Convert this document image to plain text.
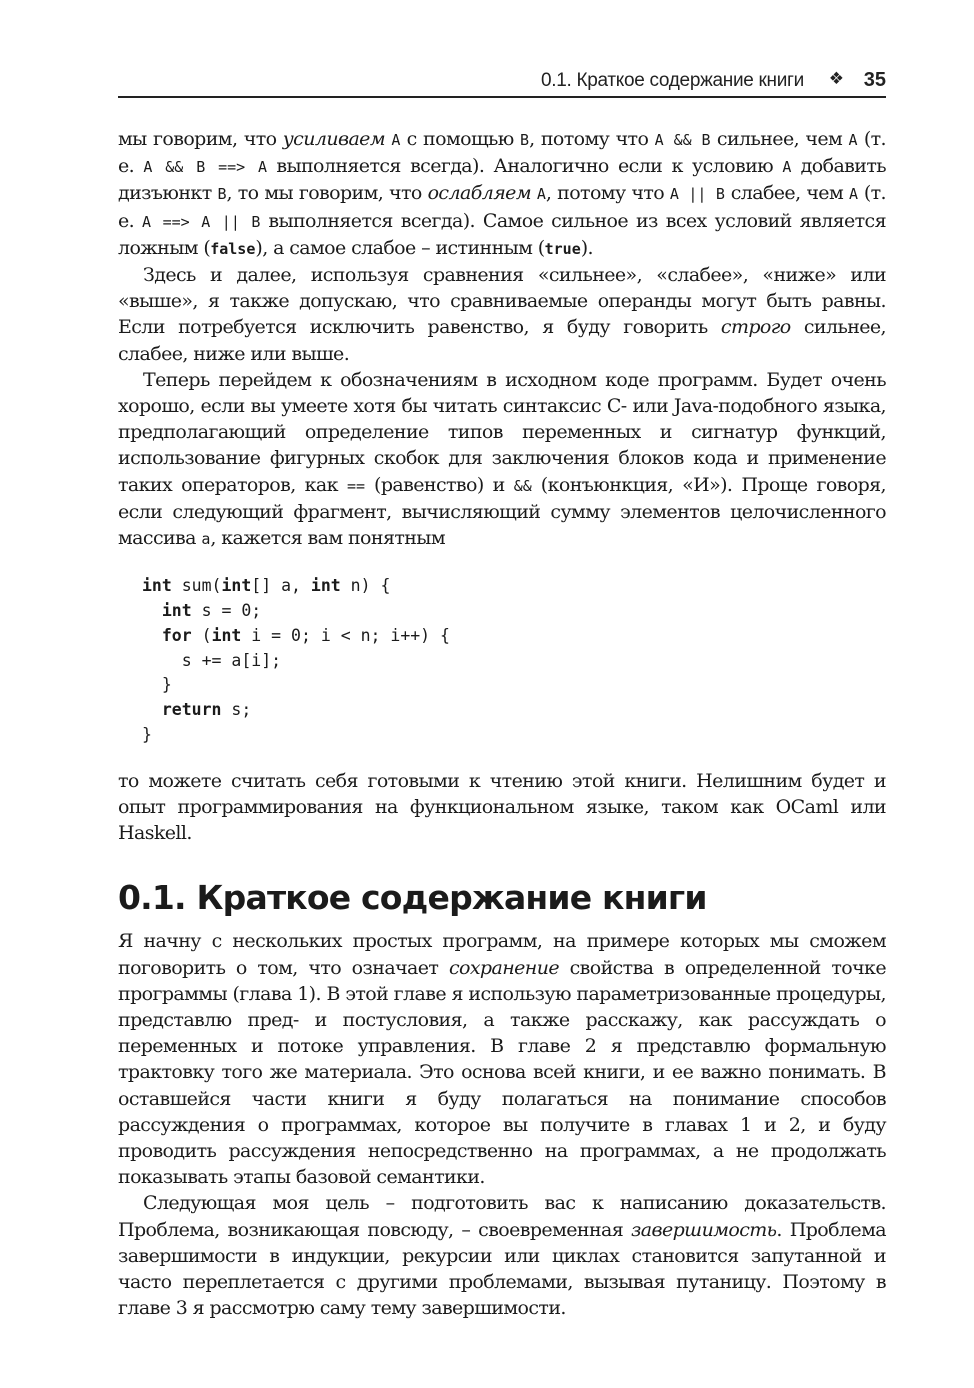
0.1. Краткое содержание книги ❖ 35

мы говорим, что усиливаем A с помощью B, потому что A && B сильнее, чем A (т. е. A && B ==> A выполняется всегда). Аналогично если к условию A добавить дизъюнкт B, то мы говорим, что ослабляем A, потому что A || B слабее, чем A (т. е. A ==> A || B выполняется всегда). Самое сильное из всех условий является ложным (false), а самое слабое – истинным (true).

Здесь и далее, используя сравнения «сильнее», «слабее», «ниже» или «выше», я также допускаю, что сравниваемые операнды могут быть равны. Если потребуется исключить равенство, я буду говорить строго сильнее, слабее, ниже или выше.

Теперь перейдем к обозначениям в исходном коде программ. Будет очень хорошо, если вы умеете хотя бы читать синтаксис C- или Java-подобного языка, предполагающий определение типов переменных и сигнатур функций, использование фигурных скобок для заключения блоков кода и применение таких операторов, как == (равенство) и && (конъюнкция, «И»). Проще говоря, если следующий фрагмент, вычисляющий сумму элементов целочисленного массива a, кажется вам понятным

int sum(int[] a, int n) {
int s = 0;
for (int i = 0; i < n; i++) {
s += a[i];
}
return s;
}

то можете считать себя готовыми к чтению этой книги. Нелишним будет и опыт программирования на функциональном языке, таком как OCaml или Haskell.

0.1. Краткое содержание книги

Я начну с нескольких простых программ, на примере которых мы сможем поговорить о том, что означает сохранение свойства в определенной точке программы (глава 1). В этой главе я использую параметризованные процедуры, представлю пред- и постусловия, а также расскажу, как рассуждать о переменных и потоке управления. В главе 2 я представлю формальную трактовку того же материала. Это основа всей книги, и ее важно понимать. В оставшейся части книги я буду полагаться на понимание способов рассуждения о программах, которое вы получите в главах 1 и 2, и буду проводить рассуждения непосредственно на программах, а не продолжать показывать этапы базовой семантики.

Следующая моя цель – подготовить вас к написанию доказательств. Проблема, возникающая повсюду, – своевременная завершимость. Проблема завершимости в индукции, рекурсии или циклах становится запутанной и часто переплетается с другими проблемами, вызывая путаницу. Поэтому в главе 3 я рассмотрю саму тему завершимости.
